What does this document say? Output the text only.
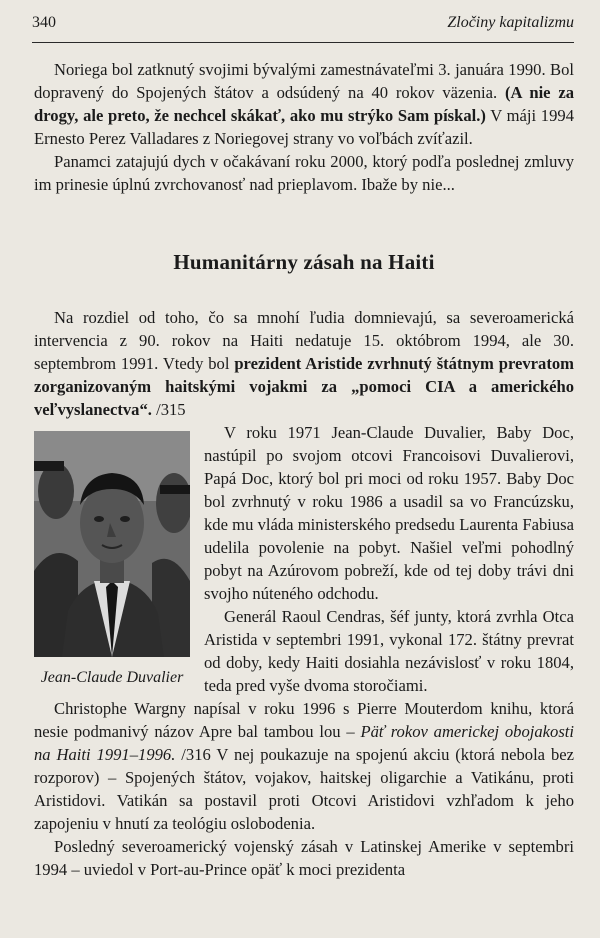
340	Zločiny kapitalizmu

Noriega bol zatknutý svojimi bývalými zamestnávateľmi 3. januára 1990. Bol dopravený do Spojených štátov a odsúdený na 40 rokov väzenia. (A nie za drogy, ale preto, že nechcel skákať, ako mu strýko Sam pískal.) V máji 1994 Ernesto Perez Valladares z Noriegovej strany vo voľbách zvíťazil.

Panamci zatajujú dych v očakávaní roku 2000, ktorý podľa poslednej zmluvy im prinesie úplnú zvrchovanosť nad prieplavom. Ibaže by nie...

Humanitárny zásah na Haiti

Na rozdiel od toho, čo sa mnohí ľudia domnievajú, sa severoamerická intervencia z 90. rokov na Haiti nedatuje 15. októbrom 1994, ale 30. septembrom 1991. Vtedy bol prezident Aristide zvrhnutý štátnym prevratom zorganizovaným haitskými vojakmi za „pomoci CIA a amerického veľvyslanectva“. /315

Jean-Claude Duvalier

V roku 1971 Jean-Claude Duvalier, Baby Doc, nastúpil po svojom otcovi Francoisovi Duvalierovi, Papá Doc, ktorý bol pri moci od roku 1957. Baby Doc bol zvrhnutý v roku 1986 a usadil sa vo Francúzsku, kde mu vláda ministerského predsedu Laurenta Fabiusa udelila povolenie na pobyt. Našiel veľmi pohodlný pobyt na Azúrovom pobreží, kde od tej doby trávi dni svojho núteného odchodu.

Generál Raoul Cendras, šéf junty, ktorá zvrhla Otca Aristida v septembri 1991, vykonal 172. štátny prevrat od doby, kedy Haiti dosiahla nezávislosť v roku 1804, teda pred vyše dvoma storočiami.

Christophe Wargny napísal v roku 1996 s Pierre Mouterdom knihu, ktorá nesie podmanivý názov Apre bal tambou lou – Päť rokov americkej obojakosti na Haiti 1991–1996. /316 V nej poukazuje na spojenú akciu (ktorá nebola bez rozporov) – Spojených štátov, vojakov, haitskej oligarchie a Vatikánu, proti Aristidovi. Vatikán sa postavil proti Otcovi Aristidovi vzhľadom k jeho zapojeniu v hnutí za teológiu oslobodenia.

Posledný severoamerický vojenský zásah v Latinskej Amerike v septembri 1994 – uviedol v Port-au-Prince opäť k moci prezidenta
